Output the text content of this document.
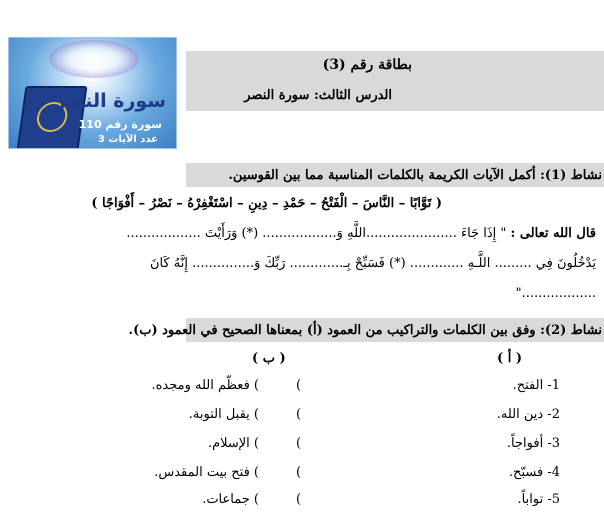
بطاقة رقم (3)
الدرس الثالث: سورة النصر
سورة النصر
سورة رقم 110
عدد الآيات 3
نشاط (1): أكمل الآيات الكريمة بالكلمات المناسبة مما بين القوسين.
( تَوَّابًا – النَّاسَ – الْفَتْحُ – حَمْدِ – دِينِ – اسْتَغْفِرْهُ – نَصْرُ – أَفْوَاجًا )
قال الله تعالى : " إِذَا جَاءَ ......................اللَّهِ وَ.................. (*) وَرَأَيْتَ ..................
يَدْخُلُونَ فِي ......... اللَّـهِ ............. (*) فَسَبِّحْ بِـ............. رَبِّكَ وَ............... إِنَّهُ كَانَ
.................."
نشاط (2): وفق بين الكلمات والتراكيب من العمود (أ) بمعناها الصحيح في العمود (ب).
( أ )
( ب )
1- الفتح.
(
) فعظّم الله ومجده.
2- دين الله.
(
) يقبل التوبة.
3- أفواجاً.
(
) الإسلام.
4- فسبّح.
(
) فتح بيت المقدس.
5- تواباً.
(
) جماعات.
